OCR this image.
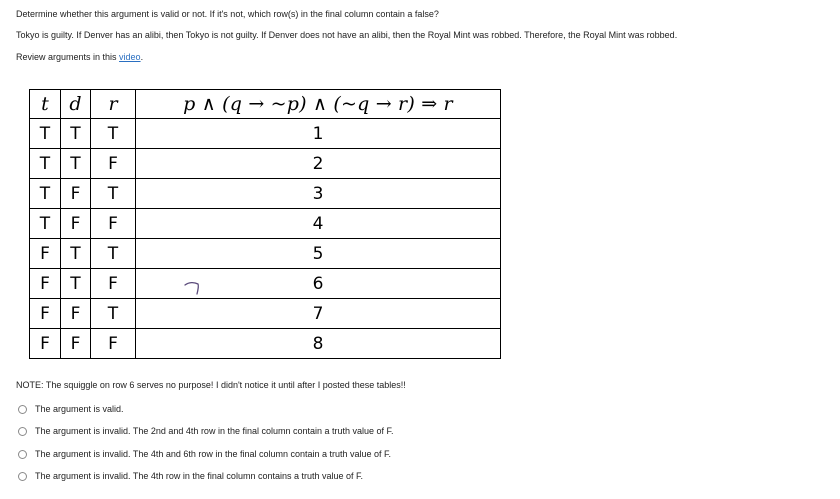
Determine whether this argument is valid or not. If it's not, which row(s) in the final column contain a false?
Tokyo is guilty. If Denver has an alibi, then Tokyo is not guilty. If Denver does not have an alibi, then the Royal Mint was robbed. Therefore, the Royal Mint was robbed.
Review arguments in this video.
t	d	r	p ∧ (q → ~p) ∧ (~q → r) ⇒ r
T	T	T	1
T	T	F	2
T	F	T	3
T	F	F	4
F	T	T	5
F	T	F	6
F	F	T	7
F	F	F	8
NOTE: The squiggle on row 6 serves no purpose! I didn't notice it until after I posted these tables!!
The argument is valid.
The argument is invalid. The 2nd and 4th row in the final column contain a truth value of F.
The argument is invalid. The 4th and 6th row in the final column contain a truth value of F.
The argument is invalid. The 4th row in the final column contains a truth value of F.
